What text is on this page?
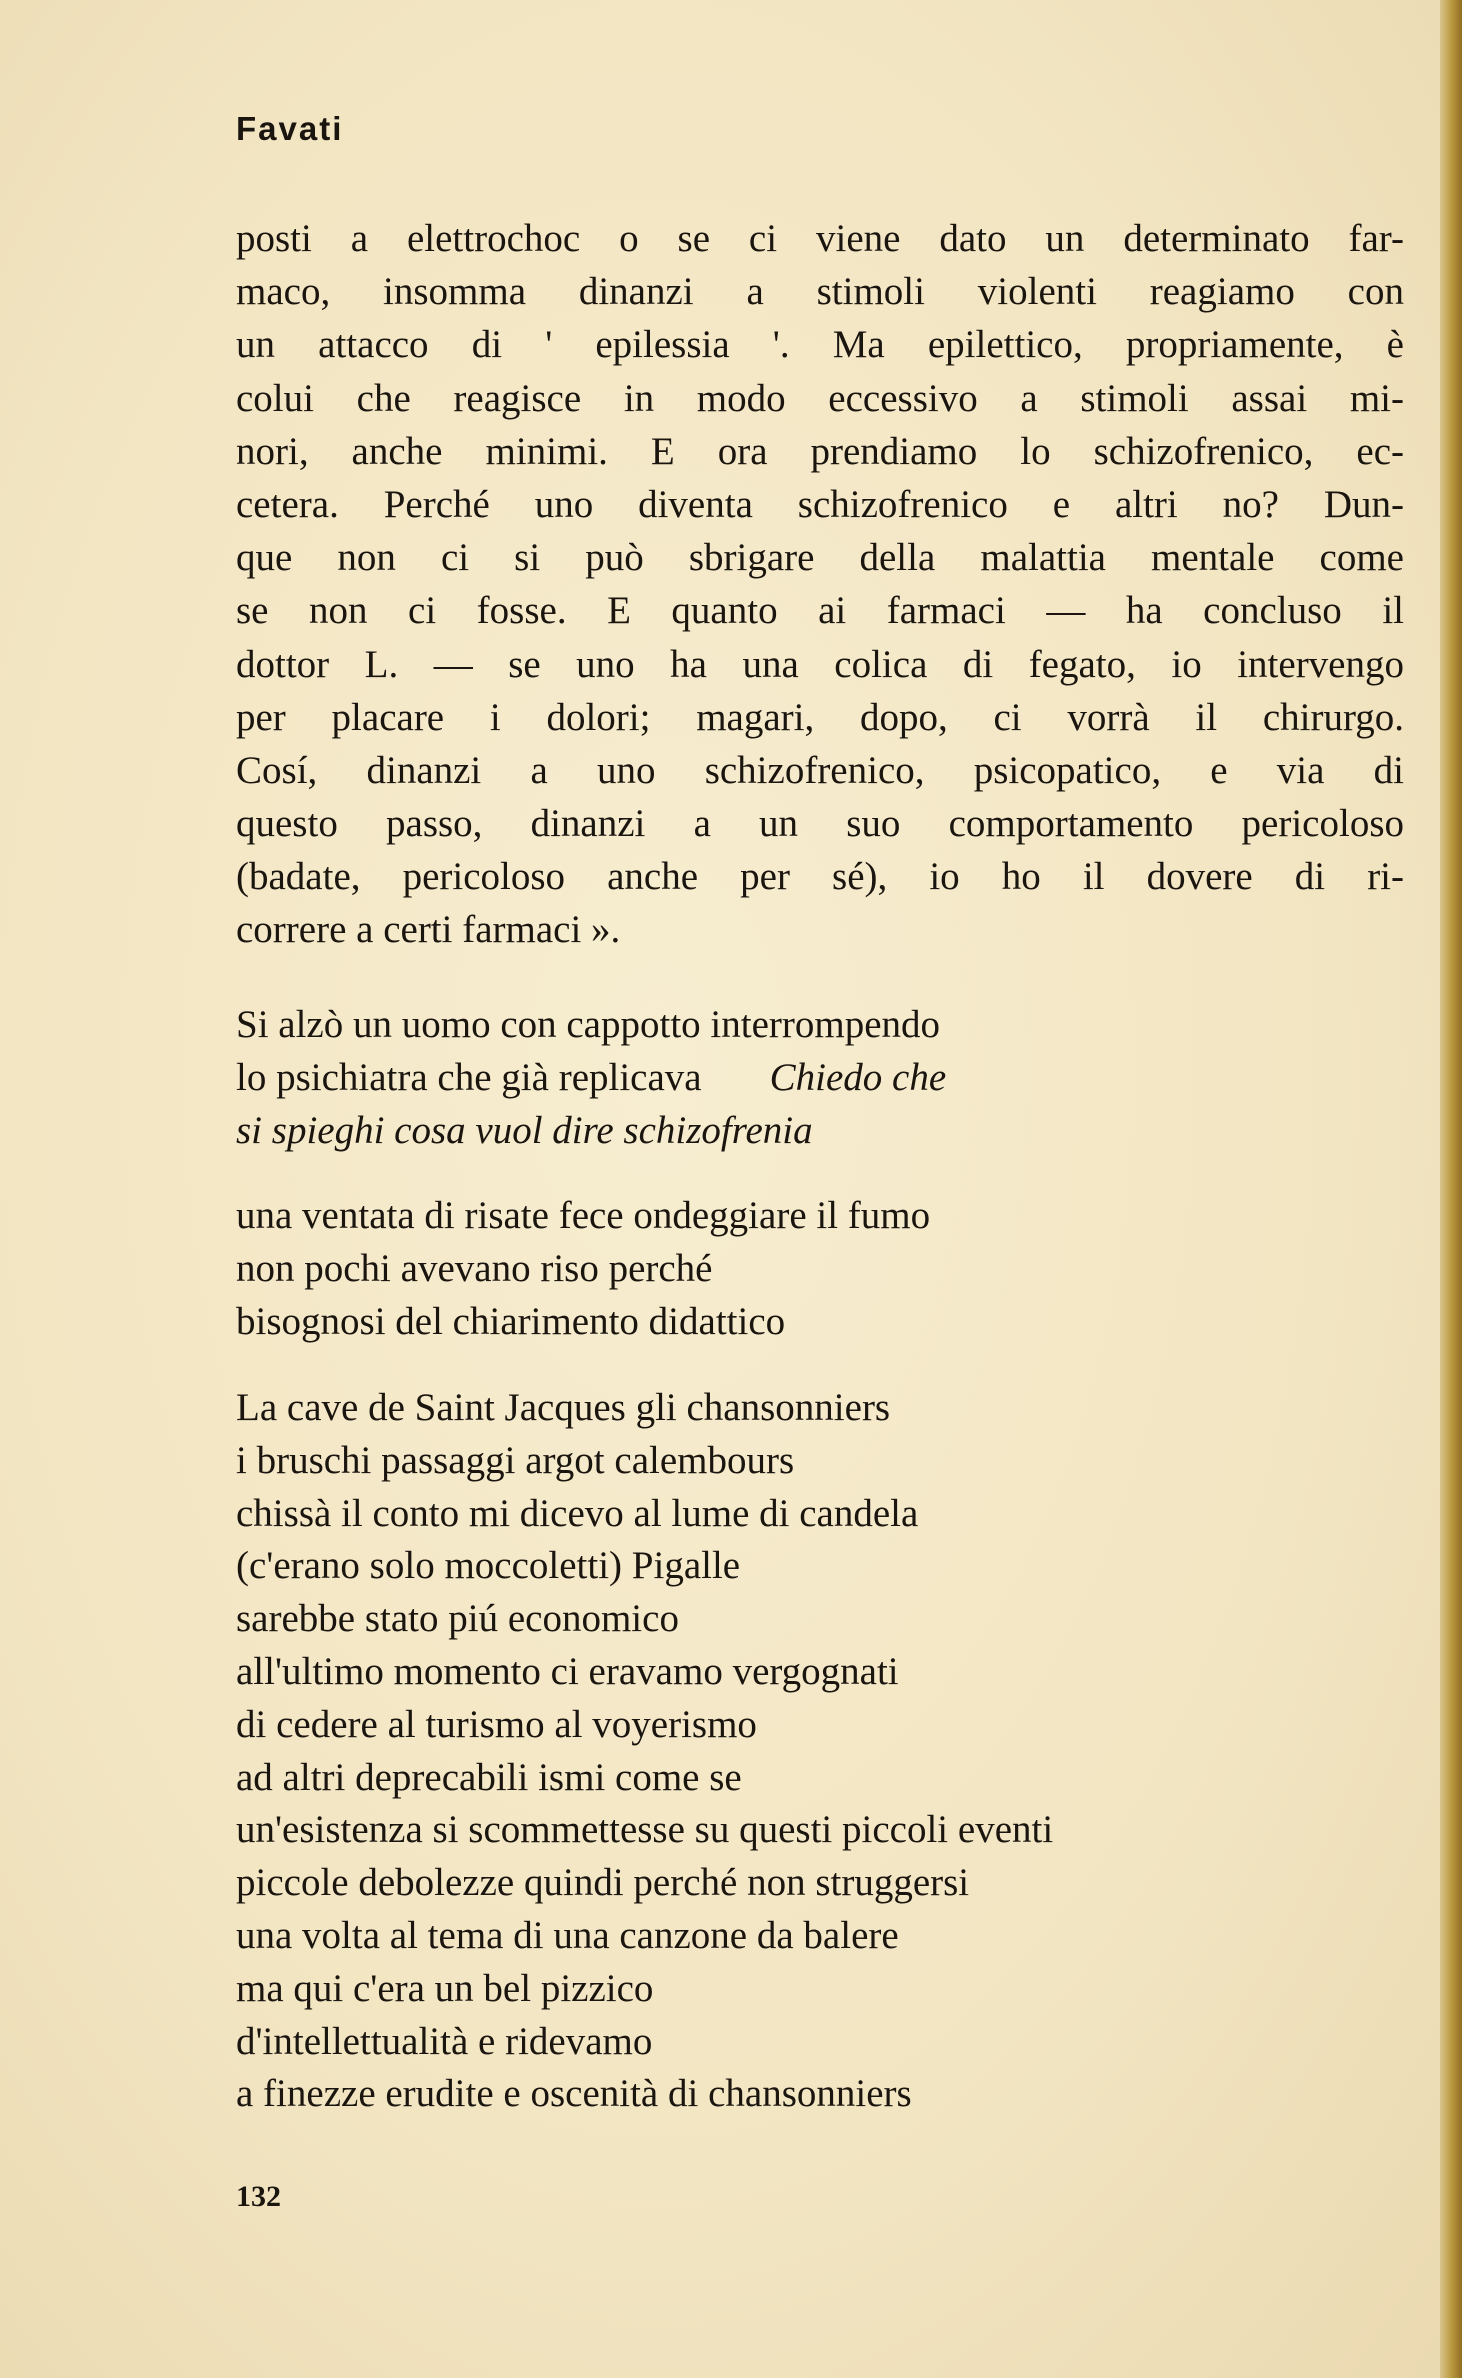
Favati

posti a elettrochoc o se ci viene dato un determinato far-
maco, insomma dinanzi a stimoli violenti reagiamo con
un attacco di ' epilessia '. Ma epilettico, propriamente, è
colui che reagisce in modo eccessivo a stimoli assai mi-
nori, anche minimi. E ora prendiamo lo schizofrenico, ec-
cetera. Perché uno diventa schizofrenico e altri no? Dun-
que non ci si può sbrigare della malattia mentale come
se non ci fosse. E quanto ai farmaci — ha concluso il
dottor L. — se uno ha una colica di fegato, io intervengo
per placare i dolori; magari, dopo, ci vorrà il chirurgo.
Cosí, dinanzi a uno schizofrenico, psicopatico, e via di
questo passo, dinanzi a un suo comportamento pericoloso
(badate, pericoloso anche per sé), io ho il dovere di ri-
correre a certi farmaci ».
Si alzò un uomo con cappotto interrompendo
lo psichiatra che già replicava Chiedo che
si spieghi cosa vuol dire schizofrenia
una ventata di risate fece ondeggiare il fumo
non pochi avevano riso perché
bisognosi del chiarimento didattico
La cave de Saint Jacques gli chansonniers
i bruschi passaggi argot calembours
chissà il conto mi dicevo al lume di candela
(c'erano solo moccoletti) Pigalle
sarebbe stato piú economico
all'ultimo momento ci eravamo vergognati
di cedere al turismo al voyerismo
ad altri deprecabili ismi come se
un'esistenza si scommettesse su questi piccoli eventi
piccole debolezze quindi perché non struggersi
una volta al tema di una canzone da balere
ma qui c'era un bel pizzico
d'intellettualità e ridevamo
a finezze erudite e oscenità di chansonniers

132
